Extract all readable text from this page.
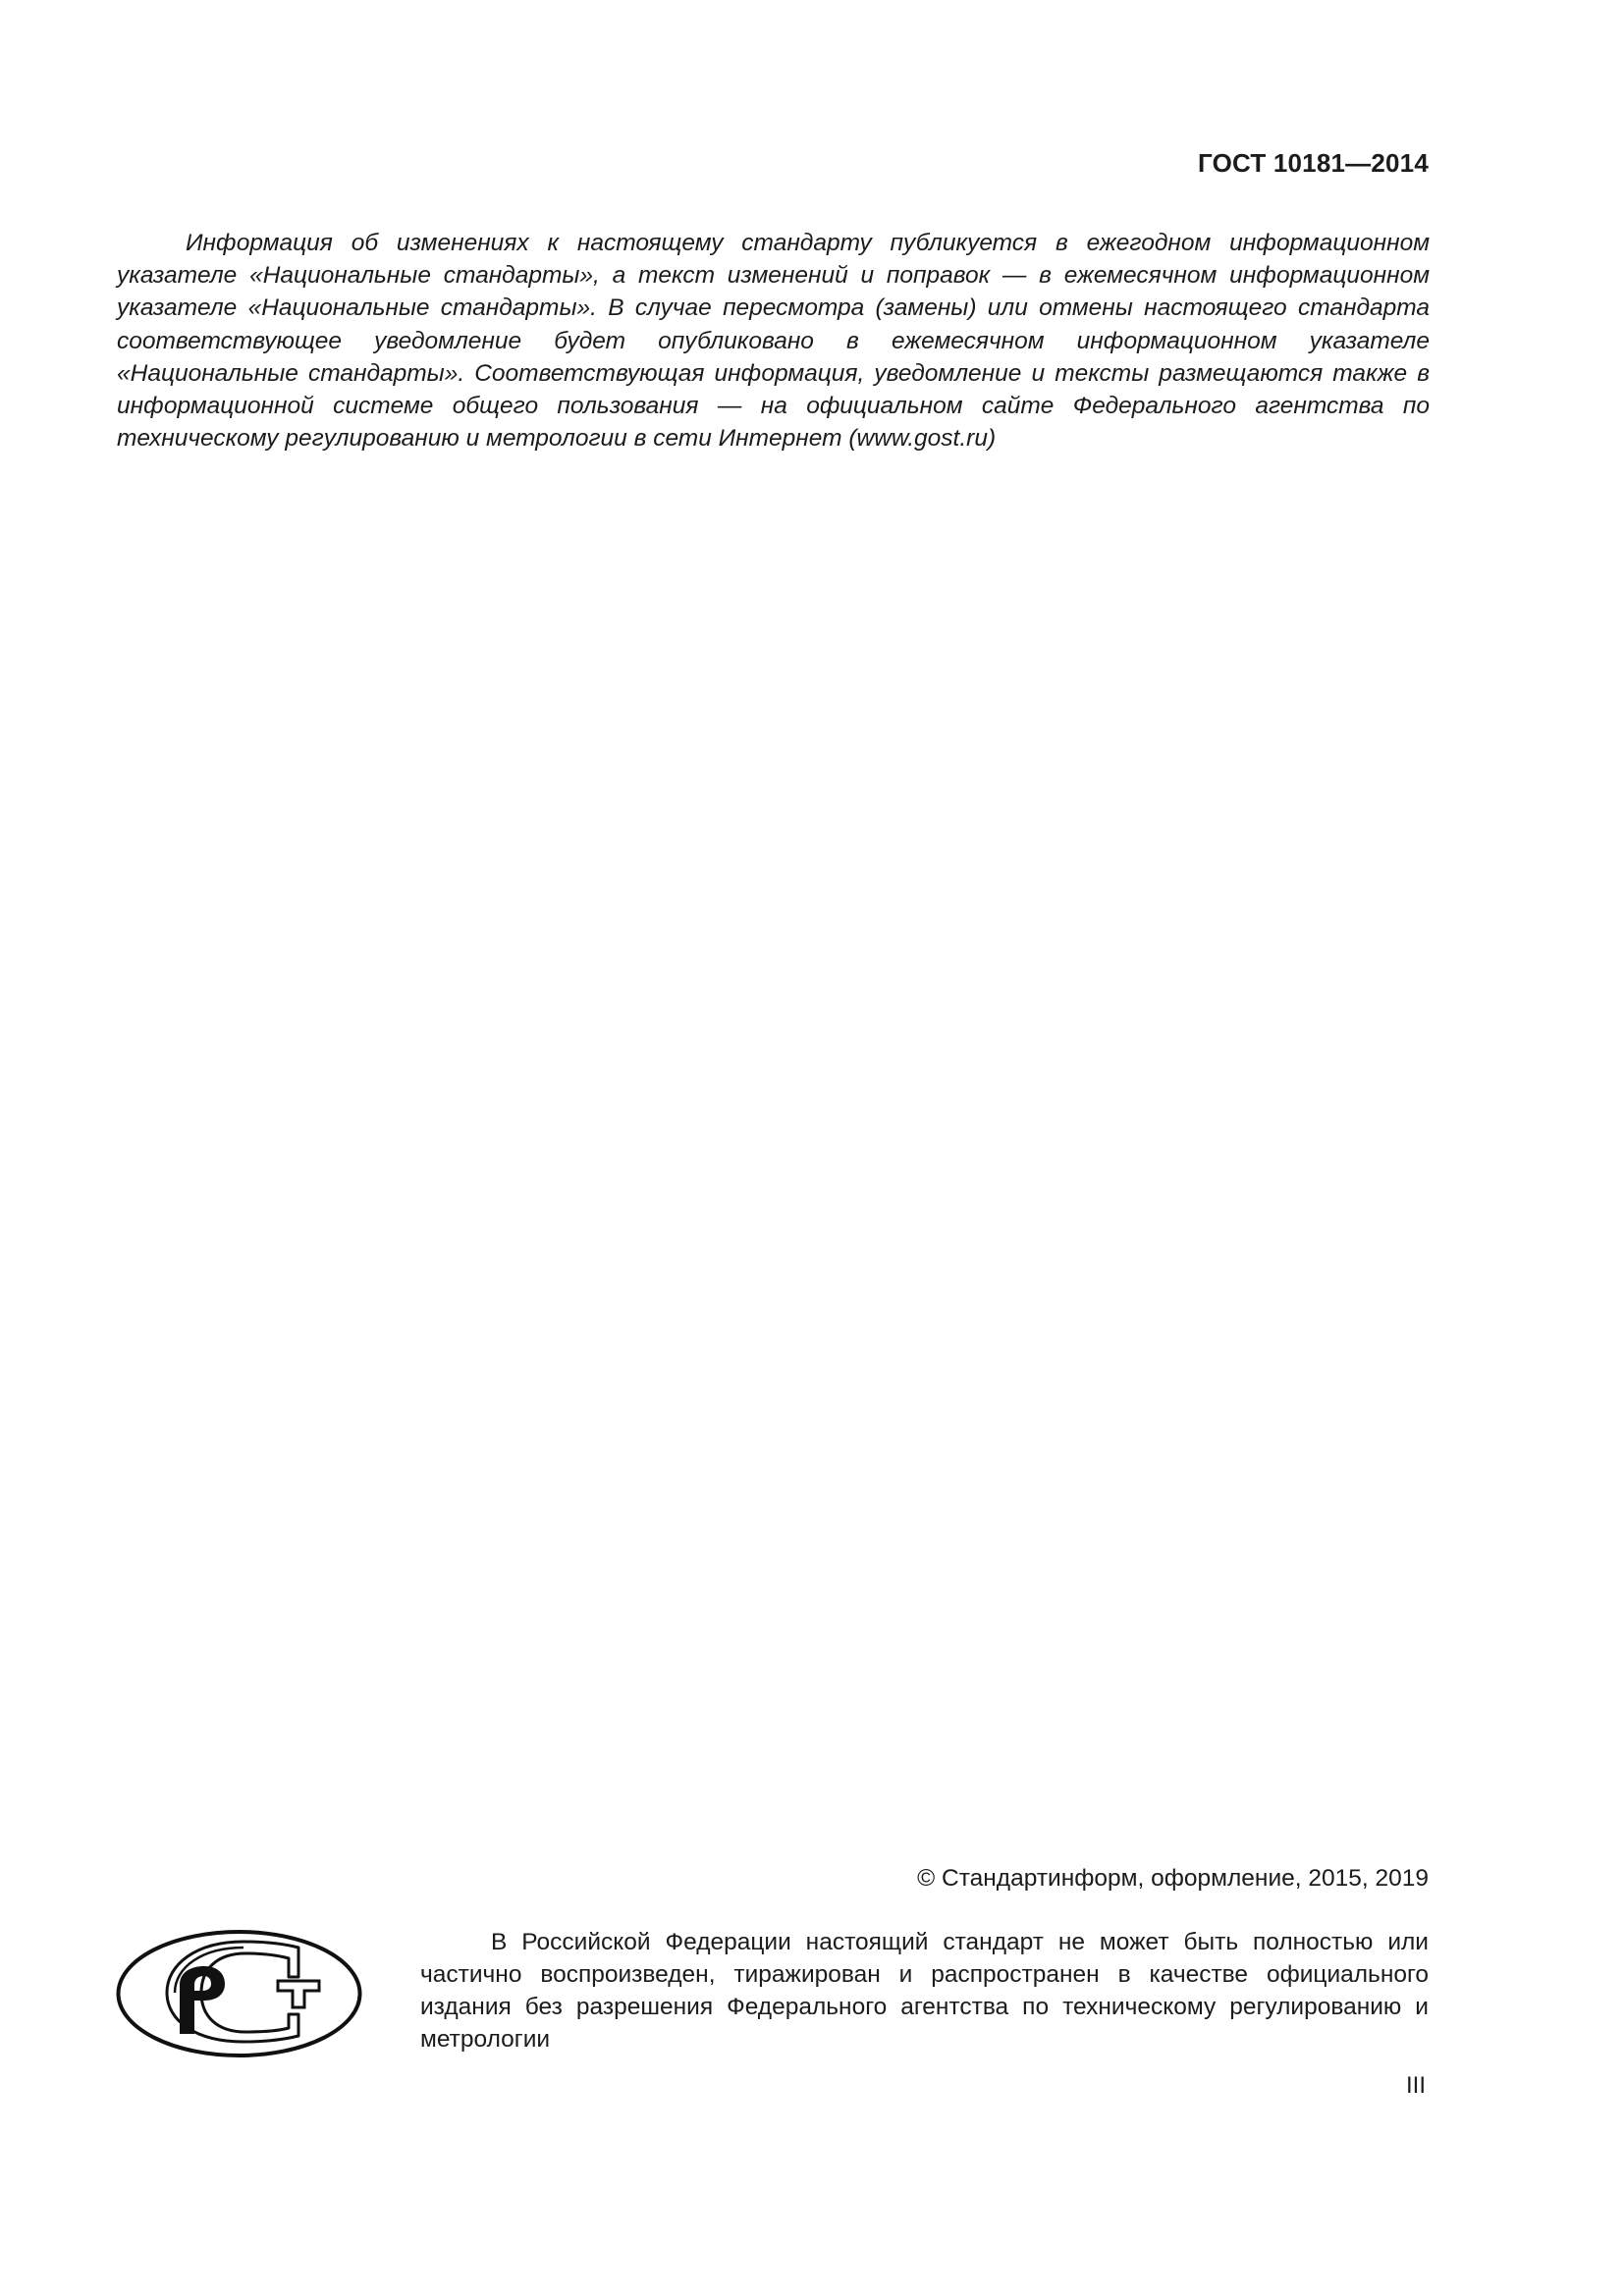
ГОСТ 10181—2014

Информация об изменениях к настоящему стандарту публикуется в ежегодном информационном указателе «Национальные стандарты», а текст изменений и поправок — в ежемесячном информационном указателе «Национальные стандарты». В случае пересмотра (замены) или отмены настоящего стандарта соответствующее уведомление будет опубликовано в ежемесячном информационном указателе «Национальные стандарты». Соответствующая информация, уведомление и тексты размещаются также в информационной системе общего пользования — на официальном сайте Федерального агентства по техническому регулированию и метрологии в сети Интернет (www.gost.ru)

© Стандартинформ, оформление, 2015, 2019

В Российской Федерации настоящий стандарт не может быть полностью или частично воспроизведен, тиражирован и распространен в качестве официального издания без разрешения Федерального агентства по техническому регулированию и метрологии

III
